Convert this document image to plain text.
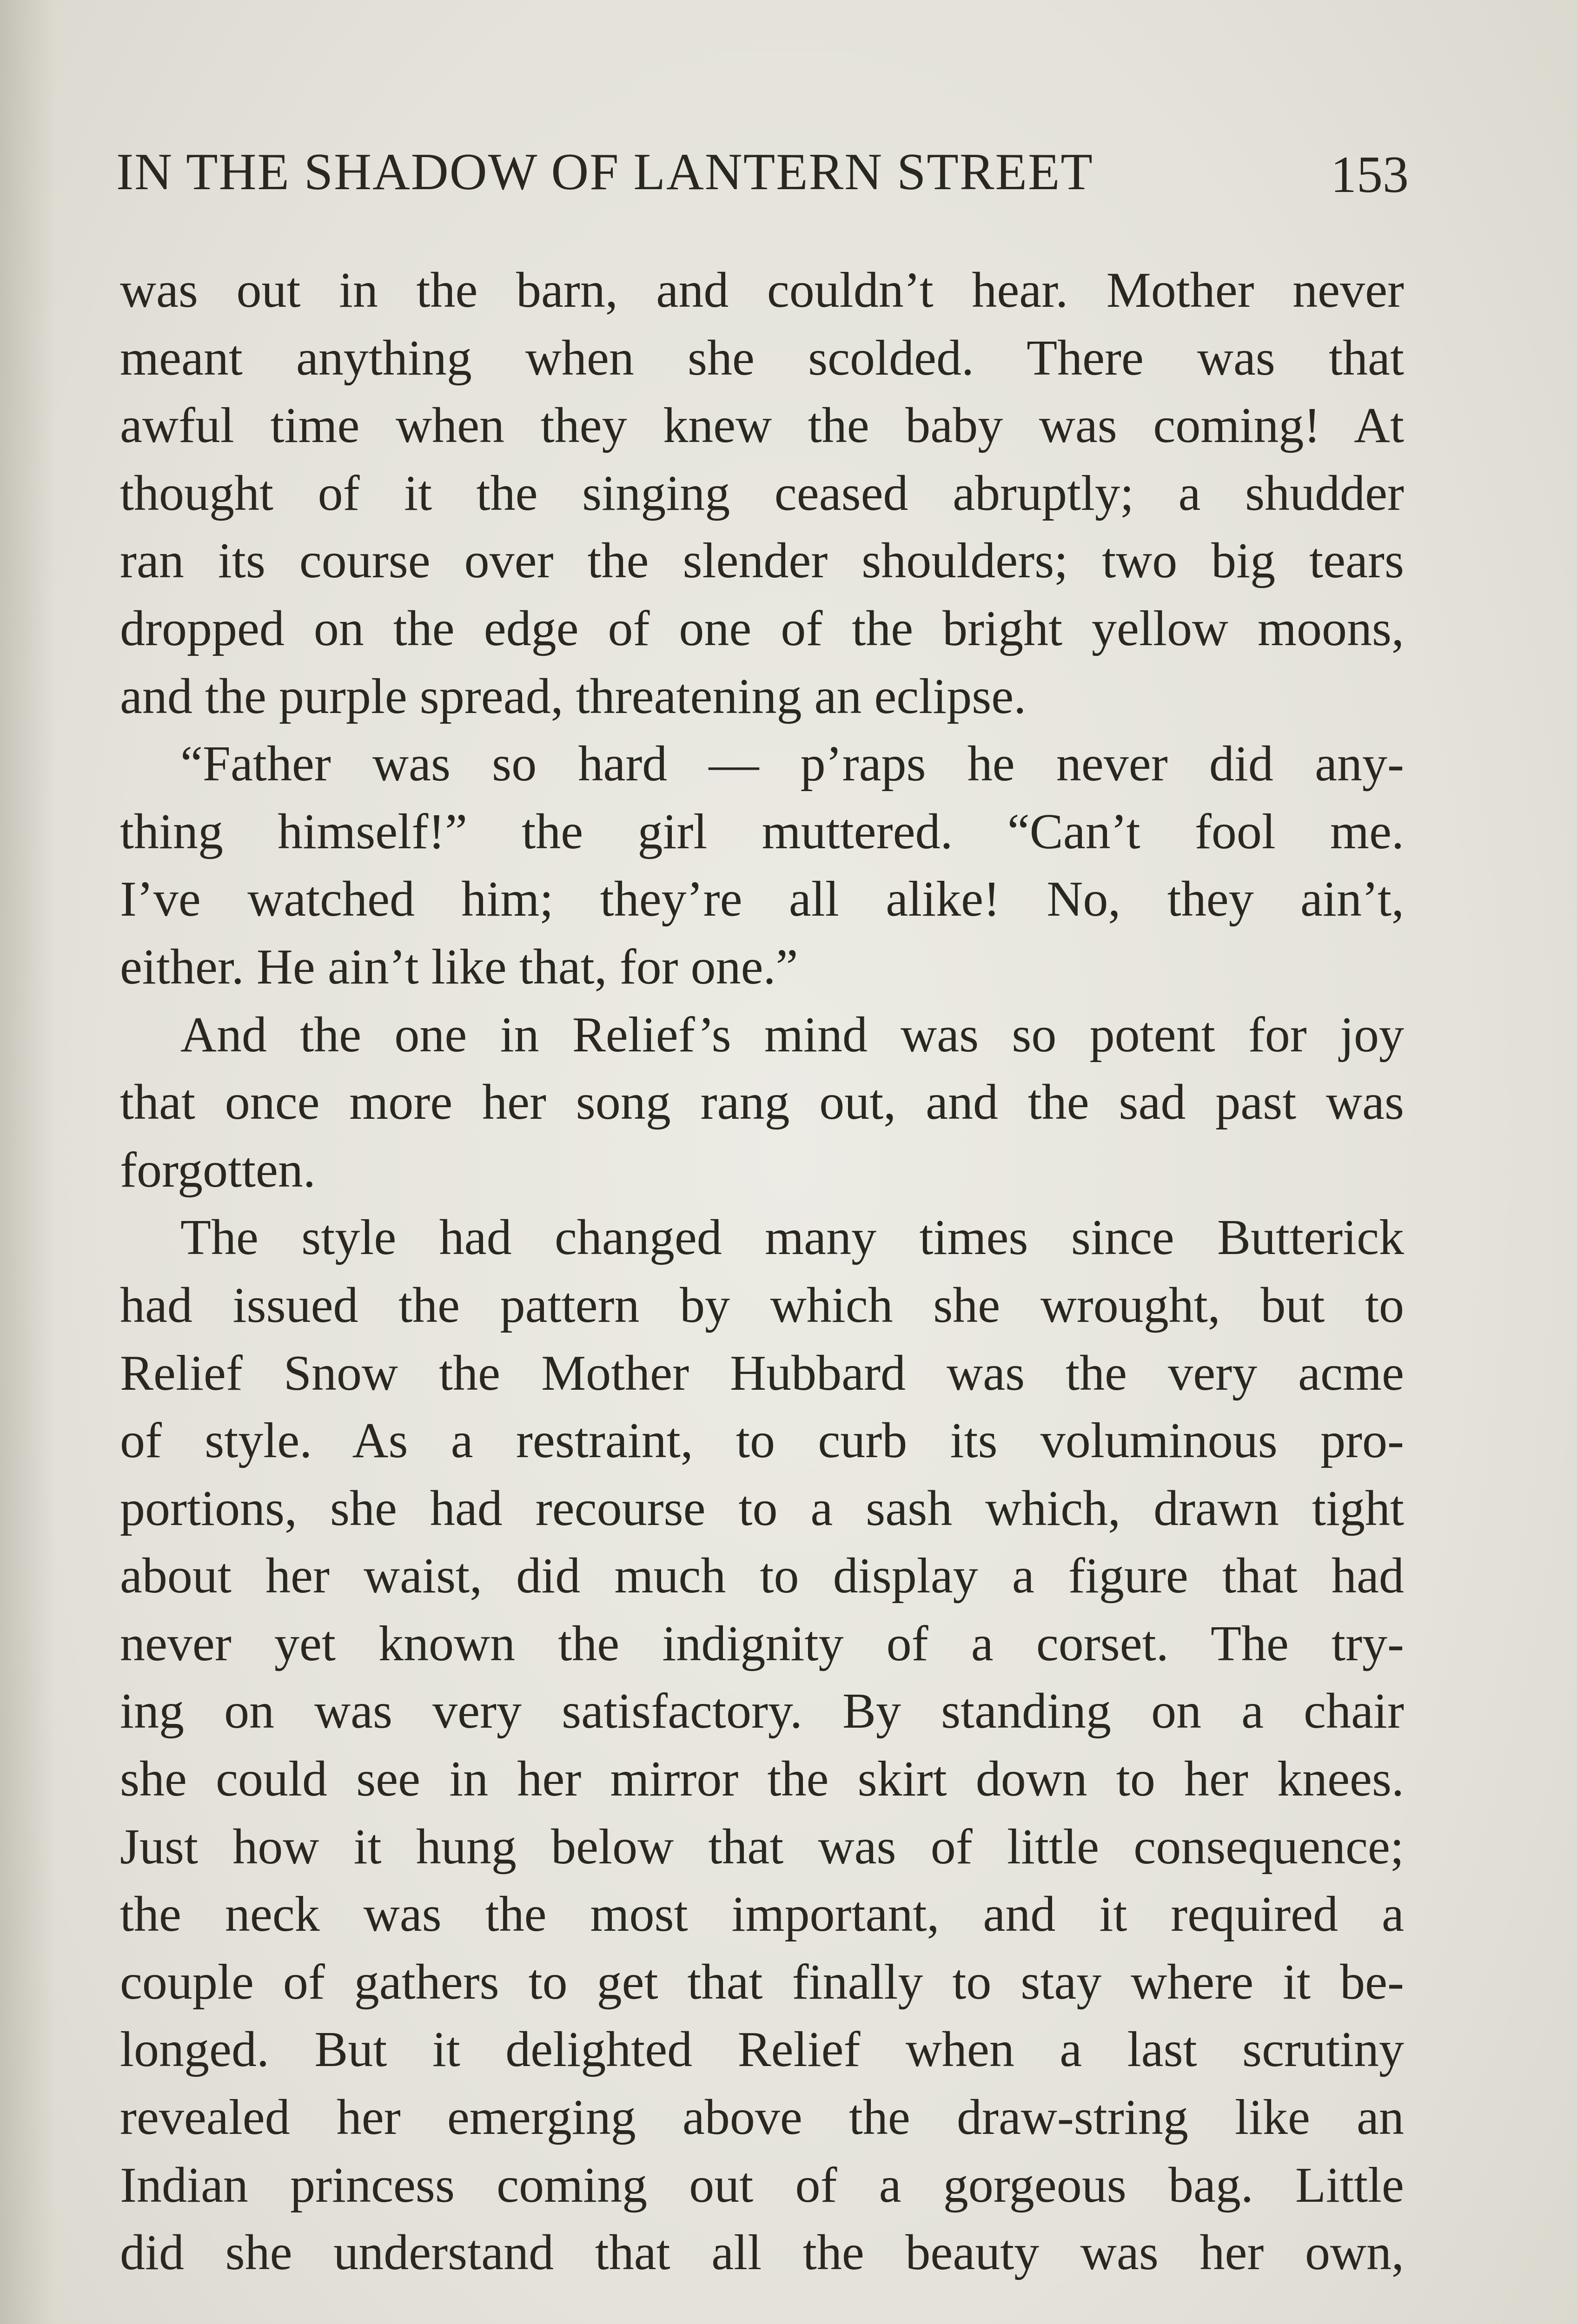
IN THE SHADOW OF LANTERN STREET	153
was out in the barn, and couldn’t hear. Mother never
meant anything when she scolded. There was that
awful time when they knew the baby was coming! At
thought of it the singing ceased abruptly; a shudder
ran its course over the slender shoulders; two big tears
dropped on the edge of one of the bright yellow moons,
and the purple spread, threatening an eclipse.
“Father was so hard — p’raps he never did any-
thing himself!” the girl muttered. “Can’t fool me.
I’ve watched him; they’re all alike! No, they ain’t,
either. He ain’t like that, for one.”
And the one in Relief’s mind was so potent for joy
that once more her song rang out, and the sad past was
forgotten.
The style had changed many times since Butterick
had issued the pattern by which she wrought, but to
Relief Snow the Mother Hubbard was the very acme
of style. As a restraint, to curb its voluminous pro-
portions, she had recourse to a sash which, drawn tight
about her waist, did much to display a figure that had
never yet known the indignity of a corset. The try-
ing on was very satisfactory. By standing on a chair
she could see in her mirror the skirt down to her knees.
Just how it hung below that was of little consequence;
the neck was the most important, and it required a
couple of gathers to get that finally to stay where it be-
longed. But it delighted Relief when a last scrutiny
revealed her emerging above the draw-string like an
Indian princess coming out of a gorgeous bag. Little
did she understand that all the beauty was her own,
